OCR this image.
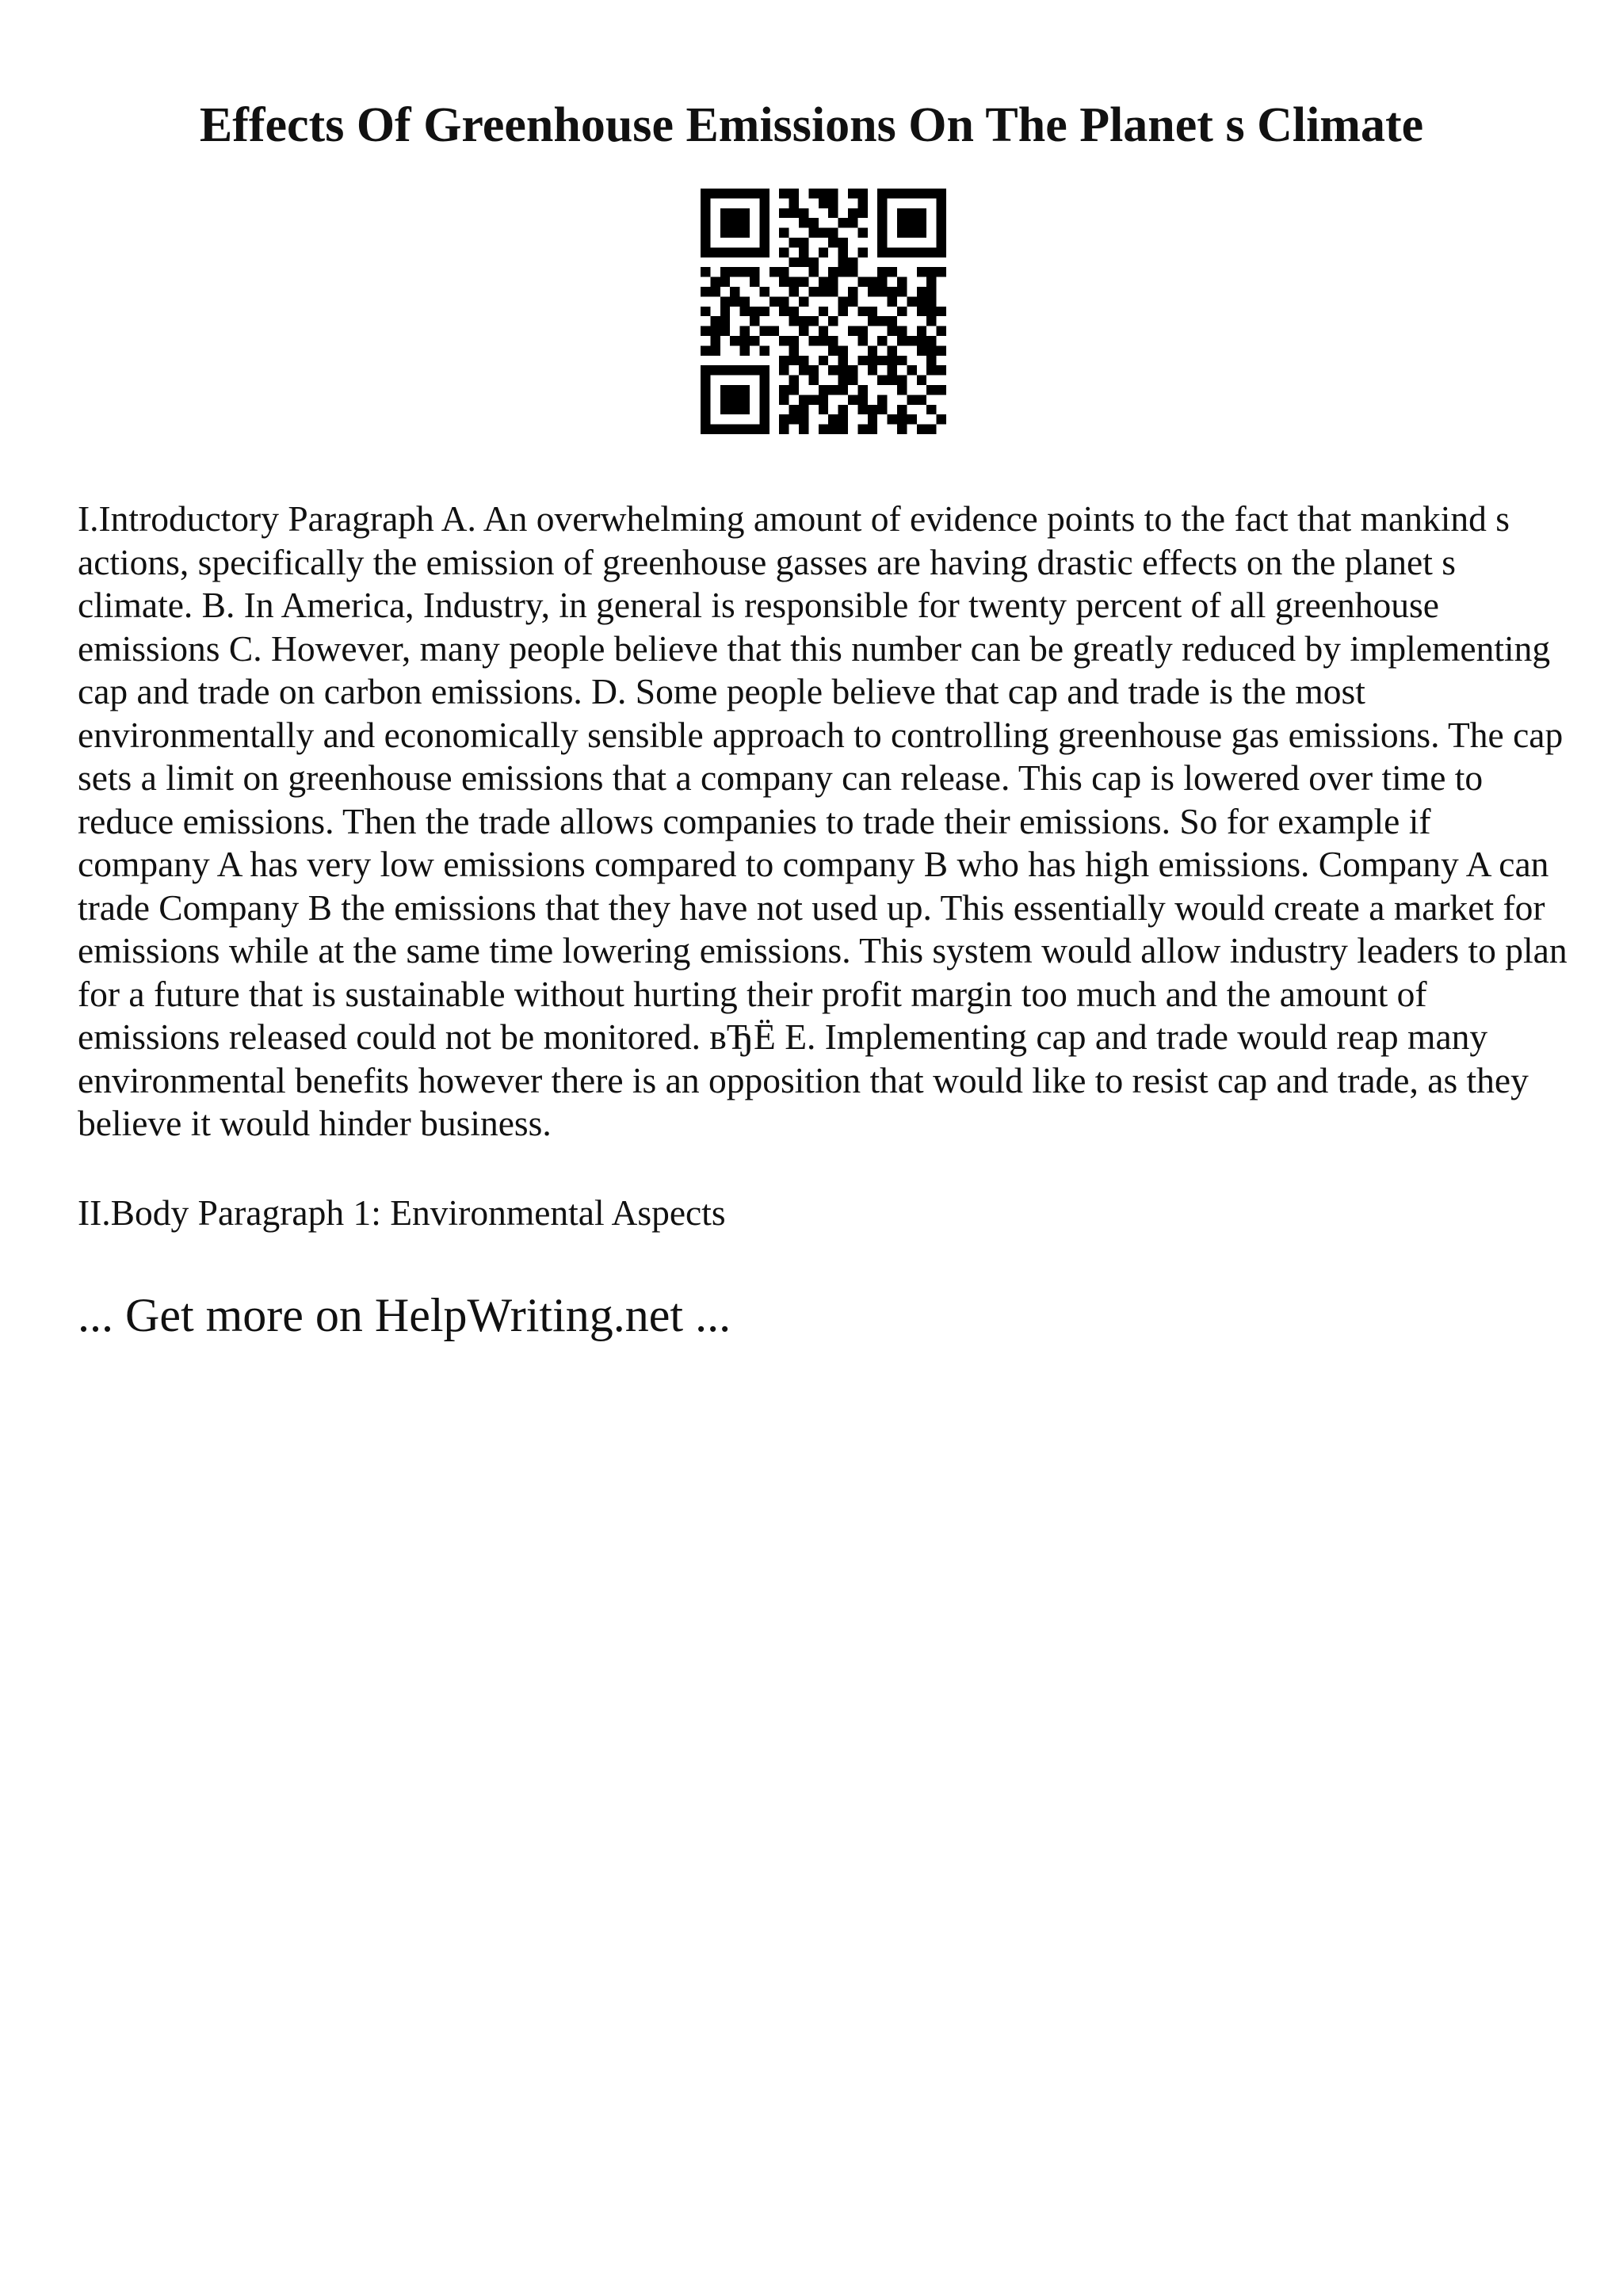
Effects Of Greenhouse Emissions On The Planet s Climate

I.Introductory Paragraph A. An overwhelming amount of evidence points to the fact that mankind s actions, specifically the emission of greenhouse gasses are having drastic effects on the planet s climate. B. In America, Industry, in general is responsible for twenty percent of all greenhouse emissions C. However, many people believe that this number can be greatly reduced by implementing cap and trade on carbon emissions. D. Some people believe that cap and trade is the most environmentally and economically sensible approach to controlling greenhouse gas emissions. The cap sets a limit on greenhouse emissions that a company can release. This cap is lowered over time to reduce emissions. Then the trade allows companies to trade their emissions. So for example if company A has very low emissions compared to company B who has high emissions. Company A can trade Company B the emissions that they have not used up. This essentially would create a market for emissions while at the same time lowering emissions. This system would allow industry leaders to plan for a future that is sustainable without hurting their profit margin too much and the amount of emissions released could not be monitored. вЂЁ E. Implementing cap and trade would reap many environmental benefits however there is an opposition that would like to resist cap and trade, as they believe it would hinder business.

II.Body Paragraph 1: Environmental Aspects

... Get more on HelpWriting.net ...
